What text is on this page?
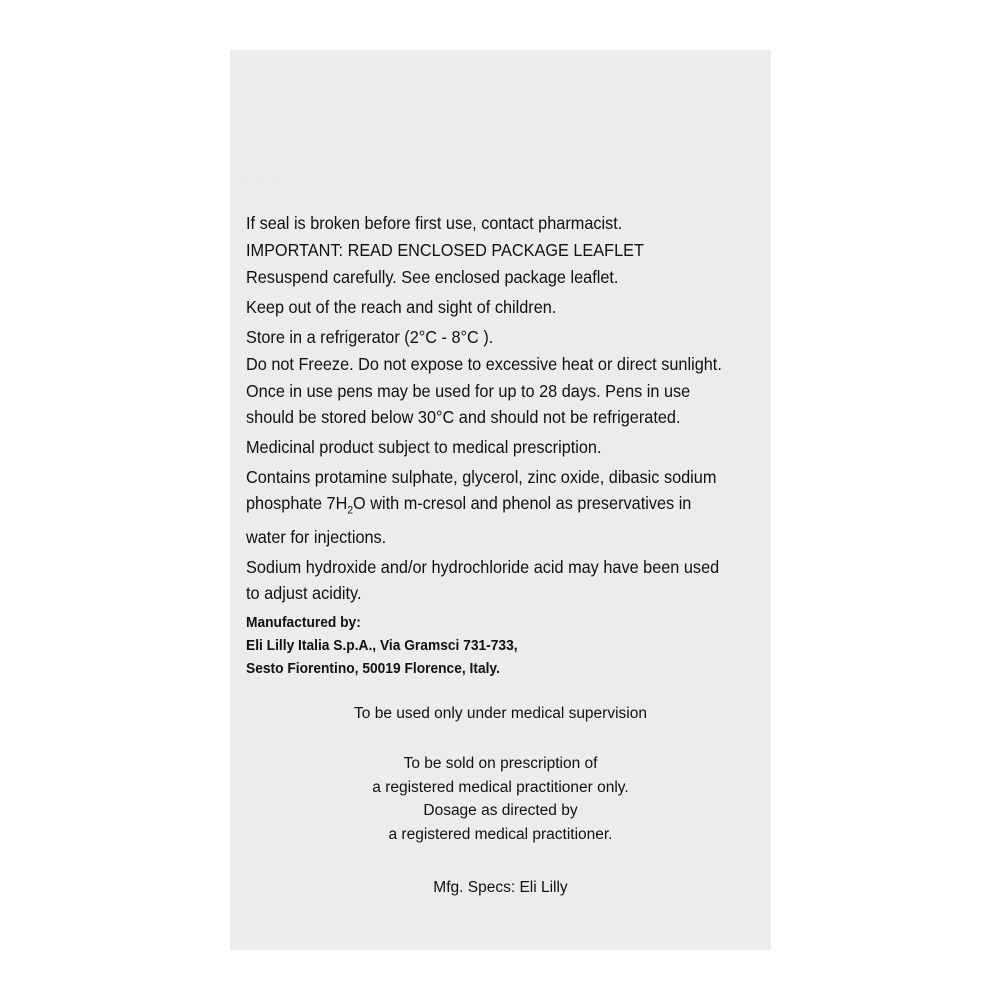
· · ·

If seal is broken before first use, contact pharmacist.

IMPORTANT: READ ENCLOSED PACKAGE LEAFLET

Resuspend carefully. See enclosed package leaflet.

Keep out of the reach and sight of children.

Store in a refrigerator (2°C - 8°C ).

Do not Freeze. Do not expose to excessive heat or direct sunlight.

Once in use pens may be used for up to 28 days. Pens in use should be stored below 30°C and should not be refrigerated.

Medicinal product subject to medical prescription.

Contains protamine sulphate, glycerol, zinc oxide, dibasic sodium phosphate $7H_2O$ with m-cresol and phenol as preservatives in water for injections.

Sodium hydroxide and/or hydrochloride acid may have been used to adjust acidity.

Manufactured by:
Eli Lilly Italia S.p.A., Via Gramsci 731-733,
Sesto Fiorentino, 50019 Florence, Italy.
To be used only under medical supervision
To be sold on prescription of
a registered medical practitioner only.
Dosage as directed by
a registered medical practitioner.
Mfg. Specs: Eli Lilly
